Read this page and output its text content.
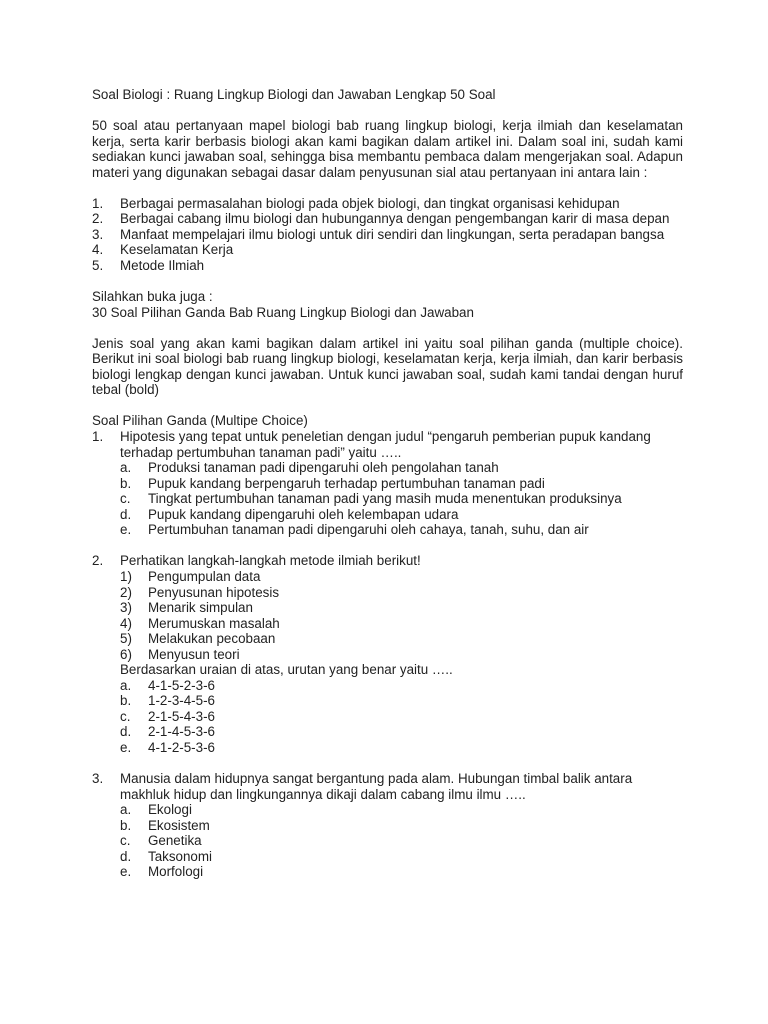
Soal Biologi : Ruang Lingkup Biologi dan Jawaban Lengkap 50 Soal

50 soal atau pertanyaan mapel biologi bab ruang lingkup biologi, kerja ilmiah dan keselamatan kerja, serta karir berbasis biologi akan kami bagikan dalam artikel ini. Dalam soal ini, sudah kami sediakan kunci jawaban soal, sehingga bisa membantu pembaca dalam mengerjakan soal. Adapun materi yang digunakan sebagai dasar dalam penyusunan sial atau pertanyaan ini antara lain :

1.	Berbagai permasalahan biologi pada objek biologi, dan tingkat organisasi kehidupan
2.	Berbagai cabang ilmu biologi dan hubungannya dengan pengembangan karir di masa depan
3.	Manfaat mempelajari ilmu biologi untuk diri sendiri dan lingkungan, serta peradapan bangsa
4.	Keselamatan Kerja
5.	Metode Ilmiah

Silahkan buka juga :

30 Soal Pilihan Ganda Bab Ruang Lingkup Biologi dan Jawaban

Jenis soal yang akan kami bagikan dalam artikel ini yaitu soal pilihan ganda (multiple choice). Berikut ini soal biologi bab ruang lingkup biologi, keselamatan kerja, kerja ilmiah, dan karir berbasis biologi lengkap dengan kunci jawaban. Untuk kunci jawaban soal, sudah kami tandai dengan huruf tebal (bold)

Soal Pilihan Ganda (Multipe Choice)

1.	Hipotesis yang tepat untuk peneletian dengan judul “pengaruh pemberian pupuk kandang terhadap pertumbuhan tanaman padi” yaitu …..
a.	Produksi tanaman padi dipengaruhi oleh pengolahan tanah
b.	Pupuk kandang berpengaruh terhadap pertumbuhan tanaman padi
c.	Tingkat pertumbuhan tanaman padi yang masih muda menentukan produksinya
d.	Pupuk kandang dipengaruhi oleh kelembapan udara
e.	Pertumbuhan tanaman padi dipengaruhi oleh cahaya, tanah, suhu, dan air
2.	Perhatikan langkah-langkah metode ilmiah berikut!
1)	Pengumpulan data
2)	Penyusunan hipotesis
3)	Menarik simpulan
4)	Merumuskan masalah
5)	Melakukan pecobaan
6)	Menyusun teori

Berdasarkan uraian di atas, urutan yang benar yaitu …..

a.	4-1-5-2-3-6
b.	1-2-3-4-5-6
c.	2-1-5-4-3-6
d.	2-1-4-5-3-6
e.	4-1-2-5-3-6
3.	Manusia dalam hidupnya sangat bergantung pada alam. Hubungan timbal balik antara makhluk hidup dan lingkungannya dikaji dalam cabang ilmu ilmu …..
a.	Ekologi
b.	Ekosistem
c.	Genetika
d.	Taksonomi
e.	Morfologi
